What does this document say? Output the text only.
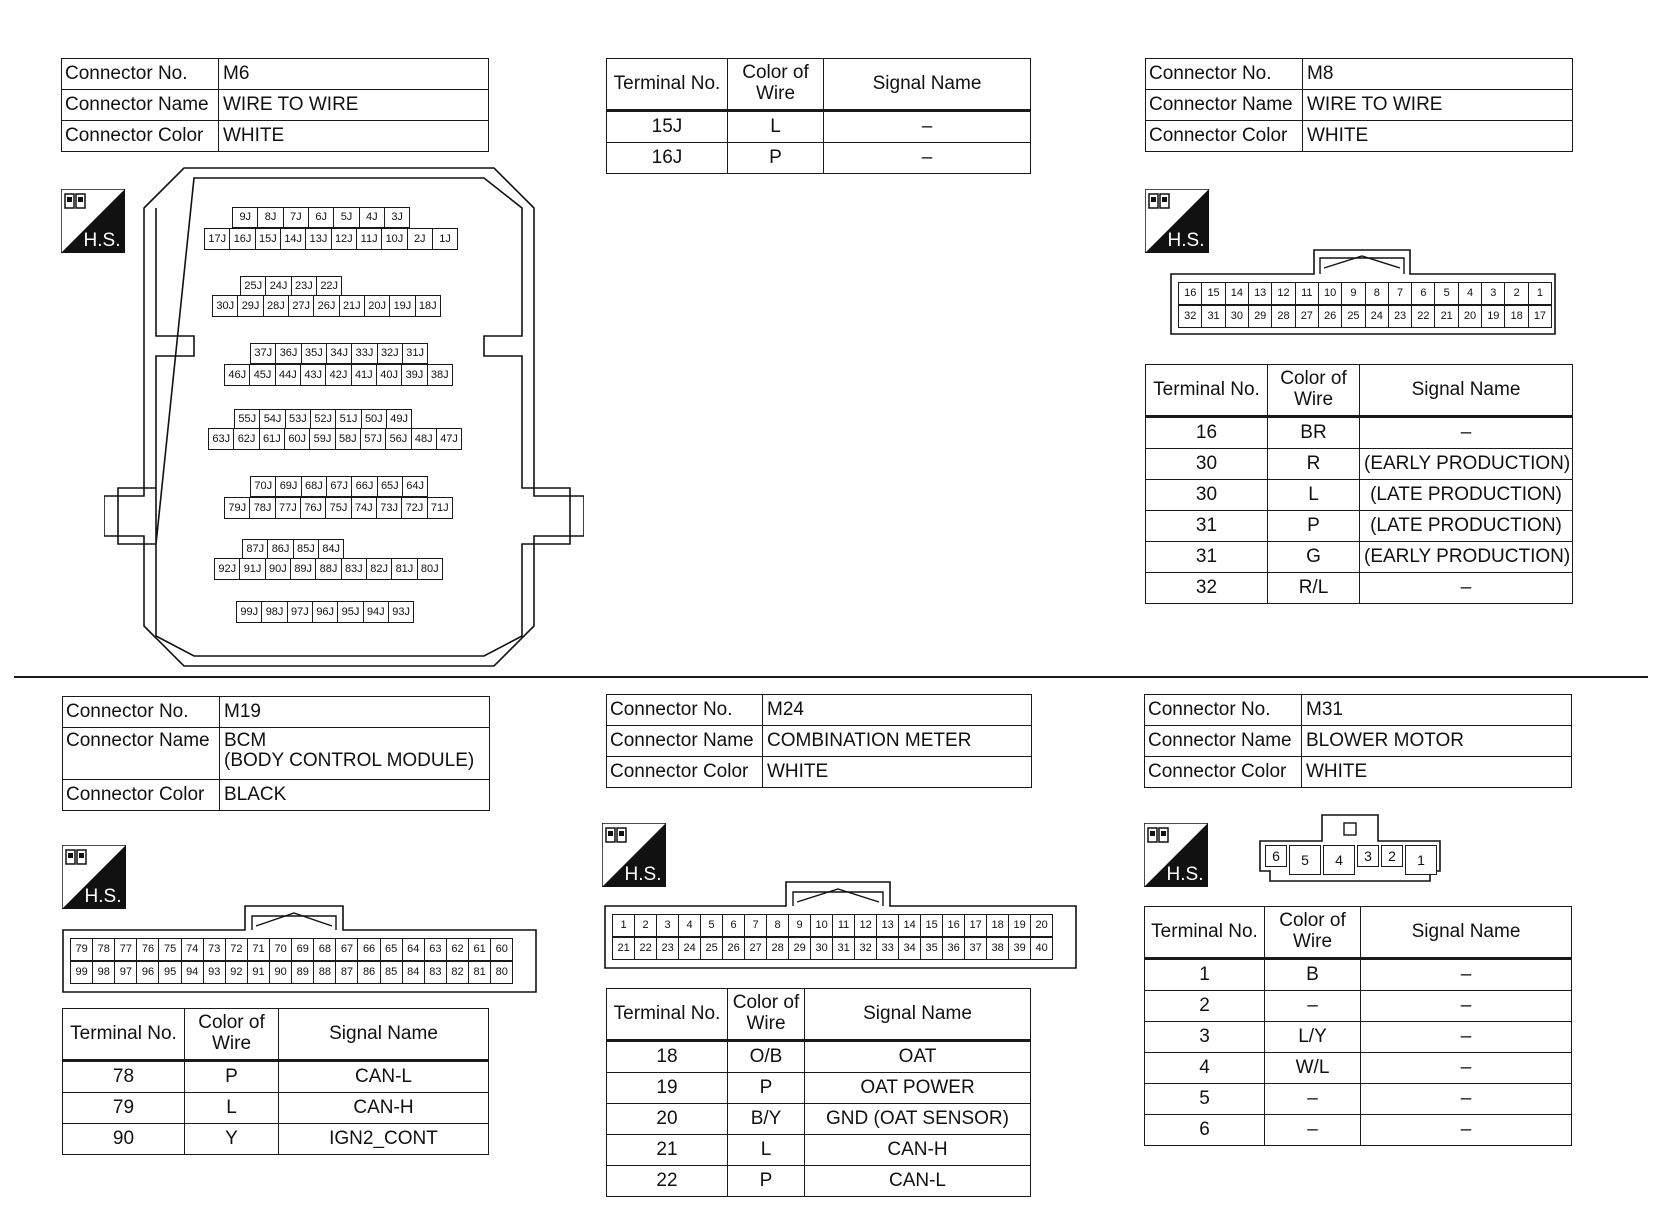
Connector No.	M6
Connector Name	WIRE TO WIRE
Connector Color	WHITE
H.S.
9J	8J	7J	6J	5J	4J	3J
17J 16J 15J 14J 13J 12J 11J 10J 2J	1J
25J 24J 23J 22J
30J 29J 28J 27J 26J 21J 20J 19J 18J
37J 36J 35J 34J 33J 32J 31J
46J 45J 44J 43J 42J 41J 40J 39J 38J
55J 54J 53J 52J 51J 50J 49J
63J 62J 61J 60J 59J 58J 57J 56J 48J 47J
70J 69J 68J 67J 66J 65J 64J
79J 78J 77J 76J 75J 74J 73J 72J 71J
87J 86J 85J 84J
92J 91J 90J 89J 88J 83J 82J 81J 80J
99J 98J 97J 96J 95J 94J 93J
Terminal No.	Color of Wire	Signal Name
15J	L	–
16J	P	–
Connector No.	M8
Connector Name	WIRE TO WIRE
Connector Color	WHITE
H.S.
16	15	14	13	12	11	10	9	8	7	6	5	4	3	2	1
32	31	30	29	28	27	26	25	24	23	22	21	20	19	18	17
Terminal No.	Color of Wire	Signal Name
16	BR	–
30	R	(EARLY PRODUCTION)
30	L	(LATE PRODUCTION)
31	P	(LATE PRODUCTION)
31	G	(EARLY PRODUCTION)
32	R/L	–
Connector No.	M19
Connector Name	BCM
(BODY CONTROL MODULE)
Connector Color	BLACK
H.S.
79 78 77 76 75 74 73 72 71 70 69 68 67 66 65 64 63 62 61 60
99 98 97 96 95 94 93 92 91 90 89 88 87 86 85 84 83 82 81 80
Terminal No.	Color of Wire	Signal Name
78	P	CAN-L
79	L	CAN-H
90	Y	IGN2_CONT
Connector No.	M24
Connector Name	COMBINATION METER
Connector Color	WHITE
H.S.
1	2	3	4	5	6	7	8	9	10 11 12 13 14 15 16 17 18 19 20
21 22 23 24 25 26 27 28 29 30 31 32 33 34 35 36 37 38 39 40
Terminal No.	Color of Wire	Signal Name
18	O/B	OAT
19	P	OAT POWER
20	B/Y	GND (OAT SENSOR)
21	L	CAN-H
22	P	CAN-L
Connector No.	M31
Connector Name	BLOWER MOTOR
Connector Color	WHITE
H.S.
6	5	4	3	2	1
Terminal No.	Color of Wire	Signal Name
1	B	–
2	–	–
3	L/Y	–
4	W/L	–
5	–	–
6	–	–
